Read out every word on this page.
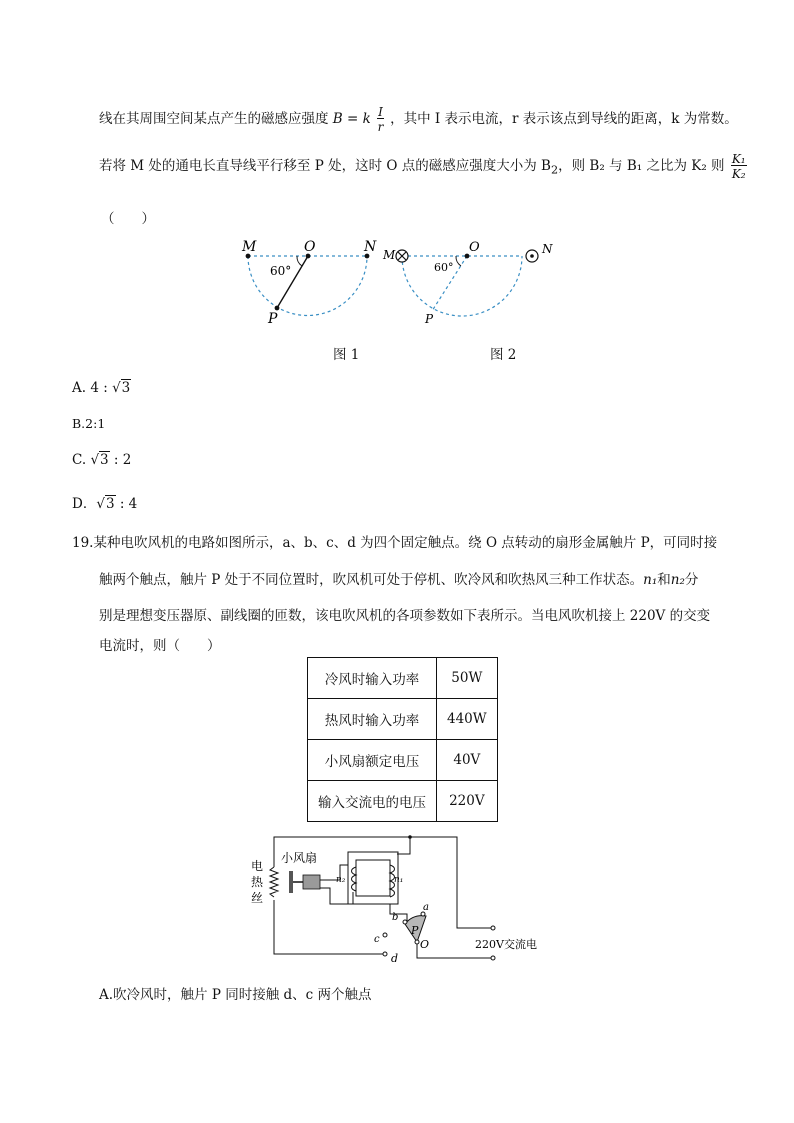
线在其周围空间某点产生的磁感应强度 B = k $\frac{I}{r}$ ，其中 I 表示电流，r 表示该点到导线的距离，k 为常数。
若将 M 处的通电长直导线平行移至 P 处，这时 O 点的磁感应强度大小为 $B_2$，则 B₂ 与 B₁ 之比为 K₂ 则 $\frac{\text{K₁}}{\text{K₂}}$
（　　）
M	O	N
P
60°
M	O	N
P
60°
图 1	图 2
A. 4 : √3
B.2:1
C. √3 : 2
D．√3 : 4
19.某种电吹风机的电路如图所示，a、b、c、d 为四个固定触点。绕 O 点转动的扇形金属触片 P，可同时接
触两个触点，触片 P 处于不同位置时，吹风机可处于停机、吹冷风和吹热风三种工作状态。n₁和n₂分
别是理想变压器原、副线圈的匝数，该电吹风机的各项参数如下表所示。当电风吹机接上 220V 的交变
电流时，则（　　）
冷风时输入功率	50W
热风时输入功率	440W
小风扇额定电压	40V
输入交流电的电压	220V
电
热
丝
小风扇
n₂	n₁
P
a
b
c
d
O	220V交流电
A.吹冷风时，触片 P 同时接触 d、c 两个触点
